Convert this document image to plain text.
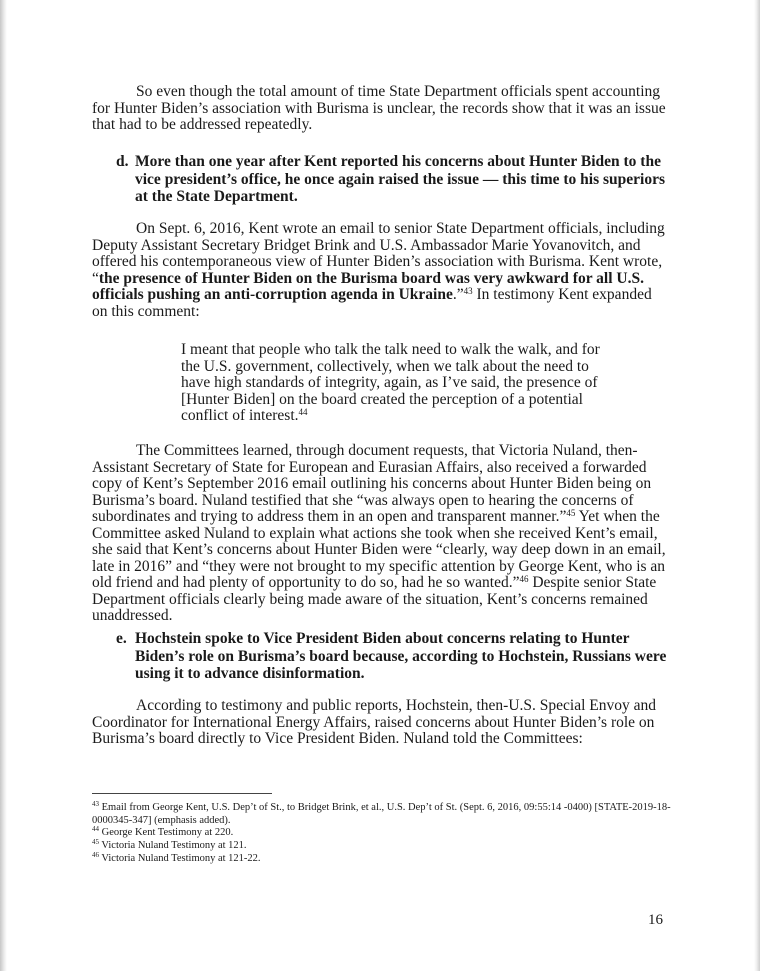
So even though the total amount of time State Department officials spent accounting for Hunter Biden’s association with Burisma is unclear, the records show that it was an issue that had to be addressed repeatedly.

d. More than one year after Kent reported his concerns about Hunter Biden to the vice president’s office, he once again raised the issue — this time to his superiors at the State Department.

On Sept. 6, 2016, Kent wrote an email to senior State Department officials, including Deputy Assistant Secretary Bridget Brink and U.S. Ambassador Marie Yovanovitch, and offered his contemporaneous view of Hunter Biden’s association with Burisma. Kent wrote, “the presence of Hunter Biden on the Burisma board was very awkward for all U.S. officials pushing an anti-corruption agenda in Ukraine.”$^{43}$ In testimony Kent expanded on this comment:

I meant that people who talk the talk need to walk the walk, and for the U.S. government, collectively, when we talk about the need to have high standards of integrity, again, as I’ve said, the presence of [Hunter Biden] on the board created the perception of a potential conflict of interest.$^{44}$

The Committees learned, through document requests, that Victoria Nuland, then-Assistant Secretary of State for European and Eurasian Affairs, also received a forwarded copy of Kent’s September 2016 email outlining his concerns about Hunter Biden being on Burisma’s board. Nuland testified that she “was always open to hearing the concerns of subordinates and trying to address them in an open and transparent manner.”$^{45}$ Yet when the Committee asked Nuland to explain what actions she took when she received Kent’s email, she said that Kent’s concerns about Hunter Biden were “clearly, way deep down in an email, late in 2016” and “they were not brought to my specific attention by George Kent, who is an old friend and had plenty of opportunity to do so, had he so wanted.”$^{46}$ Despite senior State Department officials clearly being made aware of the situation, Kent’s concerns remained unaddressed.

e. Hochstein spoke to Vice President Biden about concerns relating to Hunter Biden’s role on Burisma’s board because, according to Hochstein, Russians were using it to advance disinformation.

According to testimony and public reports, Hochstein, then-U.S. Special Envoy and Coordinator for International Energy Affairs, raised concerns about Hunter Biden’s role on Burisma’s board directly to Vice President Biden. Nuland told the Committees:

$^{43}$ Email from George Kent, U.S. Dep’t of St., to Bridget Brink, et al., U.S. Dep’t of St. (Sept. 6, 2016, 09:55:14 -0400) [STATE-2019-18-0000345-347] (emphasis added).

$^{44}$ George Kent Testimony at 220.

$^{45}$ Victoria Nuland Testimony at 121.

$^{46}$ Victoria Nuland Testimony at 121-22.

16
